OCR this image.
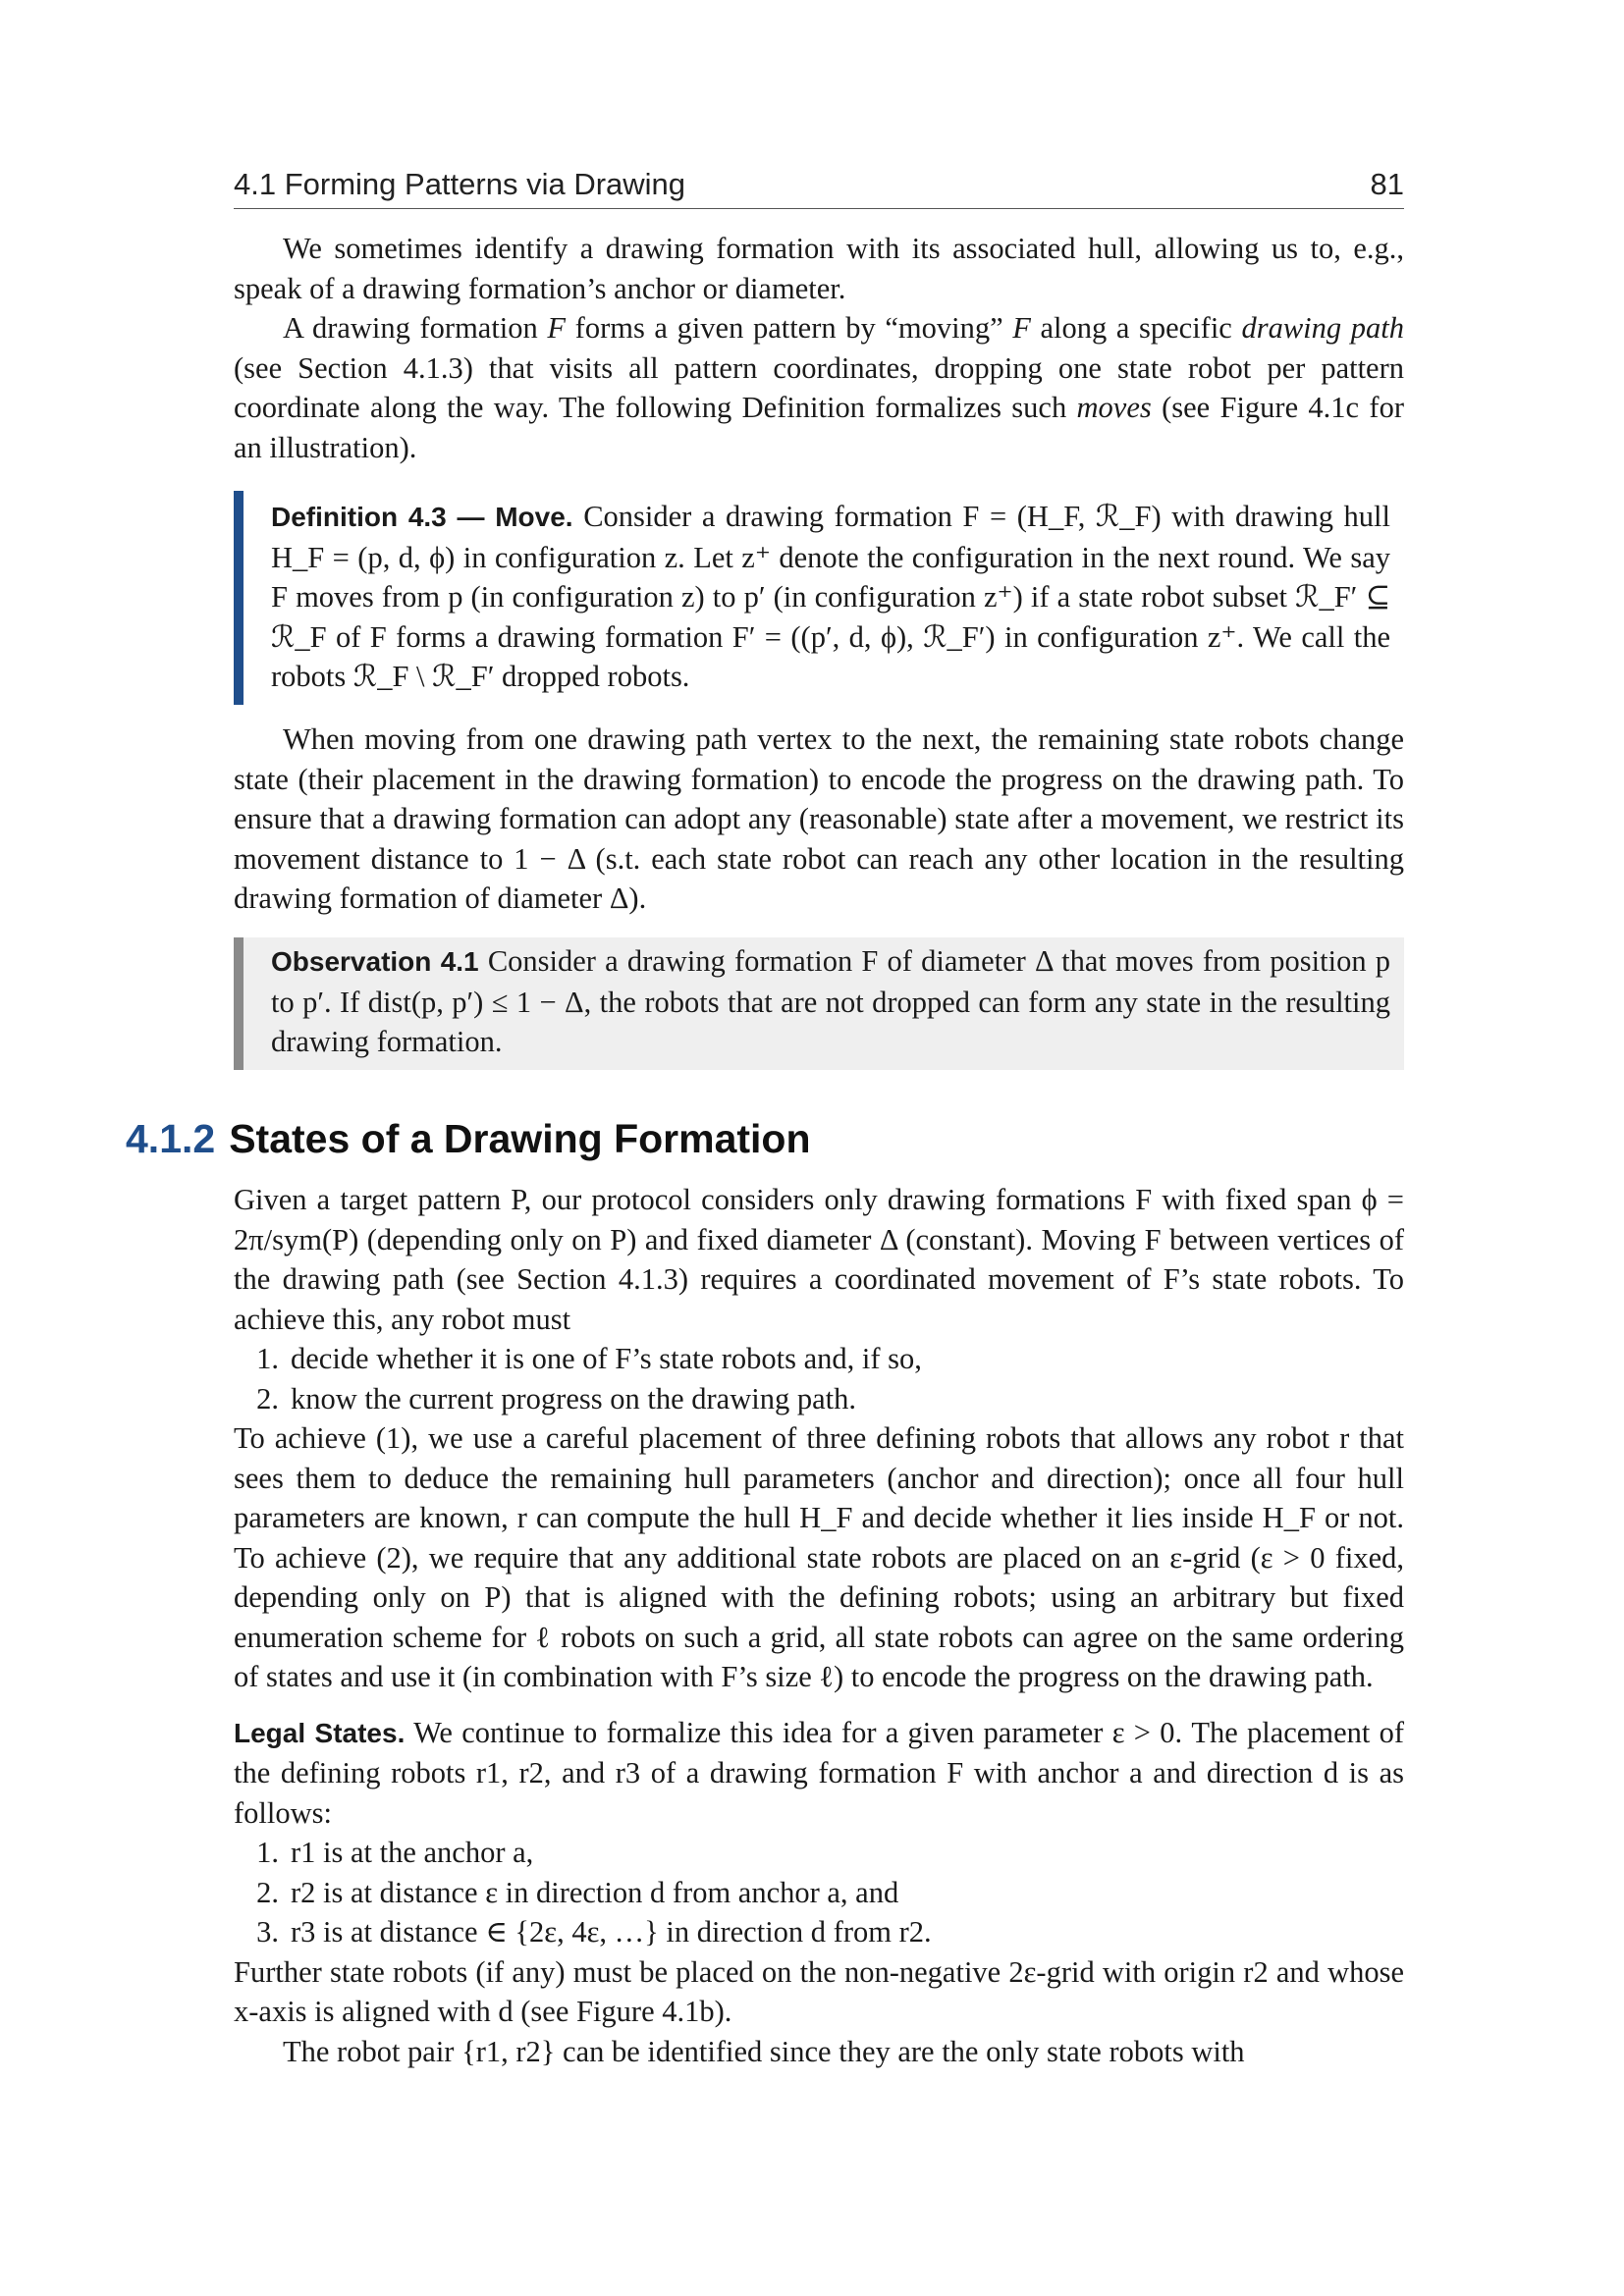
4.1 Forming Patterns via Drawing	81

We sometimes identify a drawing formation with its associated hull, allowing us to, e.g., speak of a drawing formation’s anchor or diameter.

A drawing formation F forms a given pattern by “moving” F along a specific drawing path (see Section 4.1.3) that visits all pattern coordinates, dropping one state robot per pattern coordinate along the way. The following Definition formalizes such moves (see Figure 4.1c for an illustration).

Definition 4.3 — Move. Consider a drawing formation F = (H_F, ℛ_F) with drawing hull H_F = (p, d, ϕ) in configuration z. Let z⁺ denote the configuration in the next round. We say F moves from p (in configuration z) to p′ (in configuration z⁺) if a state robot subset ℛ_F′ ⊆ ℛ_F of F forms a drawing formation F′ = ((p′, d, ϕ), ℛ_F′) in configuration z⁺. We call the robots ℛ_F \ ℛ_F′ dropped robots.

When moving from one drawing path vertex to the next, the remaining state robots change state (their placement in the drawing formation) to encode the progress on the drawing path. To ensure that a drawing formation can adopt any (reasonable) state after a movement, we restrict its movement distance to 1 − Δ (s.t. each state robot can reach any other location in the resulting drawing formation of diameter Δ).

Observation 4.1 Consider a drawing formation F of diameter Δ that moves from position p to p′. If dist(p, p′) ≤ 1 − Δ, the robots that are not dropped can form any state in the resulting drawing formation.

4.1.2 States of a Drawing Formation

Given a target pattern P, our protocol considers only drawing formations F with fixed span ϕ = 2π/sym(P) (depending only on P) and fixed diameter Δ (constant). Moving F between vertices of the drawing path (see Section 4.1.3) requires a coordinated movement of F’s state robots. To achieve this, any robot must

1. decide whether it is one of F’s state robots and, if so,
2. know the current progress on the drawing path.

To achieve (1), we use a careful placement of three defining robots that allows any robot r that sees them to deduce the remaining hull parameters (anchor and direction); once all four hull parameters are known, r can compute the hull H_F and decide whether it lies inside H_F or not. To achieve (2), we require that any additional state robots are placed on an ε-grid (ε > 0 fixed, depending only on P) that is aligned with the defining robots; using an arbitrary but fixed enumeration scheme for ℓ robots on such a grid, all state robots can agree on the same ordering of states and use it (in combination with F’s size ℓ) to encode the progress on the drawing path.

Legal States. We continue to formalize this idea for a given parameter ε > 0. The placement of the defining robots r1, r2, and r3 of a drawing formation F with anchor a and direction d is as follows:

1. r1 is at the anchor a,
2. r2 is at distance ε in direction d from anchor a, and
3. r3 is at distance ∈ {2ε, 4ε, …} in direction d from r2.

Further state robots (if any) must be placed on the non-negative 2ε-grid with origin r2 and whose x-axis is aligned with d (see Figure 4.1b).

The robot pair {r1, r2} can be identified since they are the only state robots with
